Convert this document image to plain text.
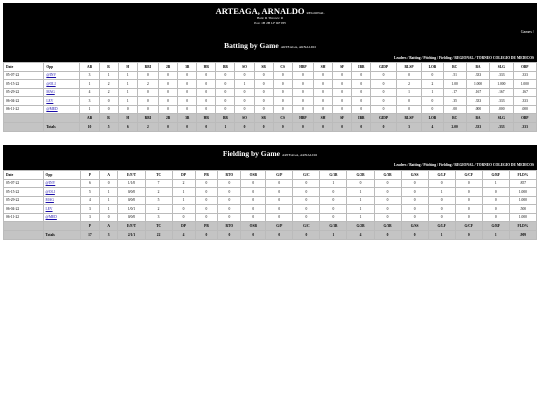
ARTEAGA, ARNALDO REGIONAL
Bats: R Throws: R
Pos: 1B 2B LF RF PH
Games /
Batting by Game ARTEAGA, ARNALDO
Leaders / Batting / Pitching / Fielding / REGIONAL / TORNEO COLEGIO DE MEDICOS
Date	Opp	AB	R	H	RBI	2B	3B	HR	BB	SO	SB	CS	HBP	SH	SF	IBB	GIDP	RLSP	LOB	RC	BA	SLG	OBP
05-07-22	@INV	3	1	1	0	0	0	0	0	0	0	0	0	0	0	0	0	0	0	.51	.333	.333	.333
05-15-22	@OLI	1	2	1	2	0	0	0	0	1	0	0	0	0	0	0	0	2	2	1.00	1.000	1.000	1.000
05-29-22	MAG	4	2	1	0	0	0	0	0	0	0	0	0	0	0	0	0	1	1	.17	.167	.167	.167
06-04-22	LEV	3	0	1	0	0	0	0	0	0	0	0	0	0	0	0	0	0	0	.35	.333	.333	.333
06-11-22	@MED	1	0	0	0	0	0	0	0	0	0	0	0	0	0	0	0	0	0	.00	.000	.000	.000
		AB	R	H	RBI	2B	3B	HR	BB	SO	SB	CS	HBP	SH	SF	IBB	GIDP	RLSP	LOB	RC	BA	SLG	OBP
	Totals	10	5	6	2	0	0	0	1	0	0	0	0	0	0	0	0	3	4	2.00	.333	.333	.333
Fielding by Game ARTEAGA, ARNALDO
Leaders / Batting / Pitching / Fielding / REGIONAL / TORNEO COLEGIO DE MEDICOS
Date	Opp	P	A	E/F/T	TC	DP	PB	RTO	OSB	G/P	G/C	G/1B	G/2B	G/3B	G/SS	G/LF	G/CF	G/RF	FLD%
05-07-22	@INV	6	0	1/1/0	7	2	0	0	0	0	0	1	0	0	0	0	0	1	.857
05-15-22	@OLI	5	1	0/0/0	2	1	0	0	0	0	0	0	1	0	0	1	0	0	1.000
05-29-22	MAG	4	1	0/0/0	5	1	0	0	0	0	0	0	1	0	0	0	0	0	1.000
06-04-22	LEV	3	1	1/0/1	2	0	0	0	0	0	0	0	1	0	0	0	0	0	.500
06-11-22	@MED	3	0	0/0/0	3	0	0	0	0	0	0	0	1	0	0	0	0	0	1.000
		P	A	E/F/T	TC	DP	PB	RTO	OSB	G/P	G/C	G/1B	G/2B	G/3B	G/SS	G/LF	G/CF	G/RF	FLD%
	Totals	17	3	2/1/1	22	4	0	0	0	0	0	1	4	0	0	1	0	1	.909
